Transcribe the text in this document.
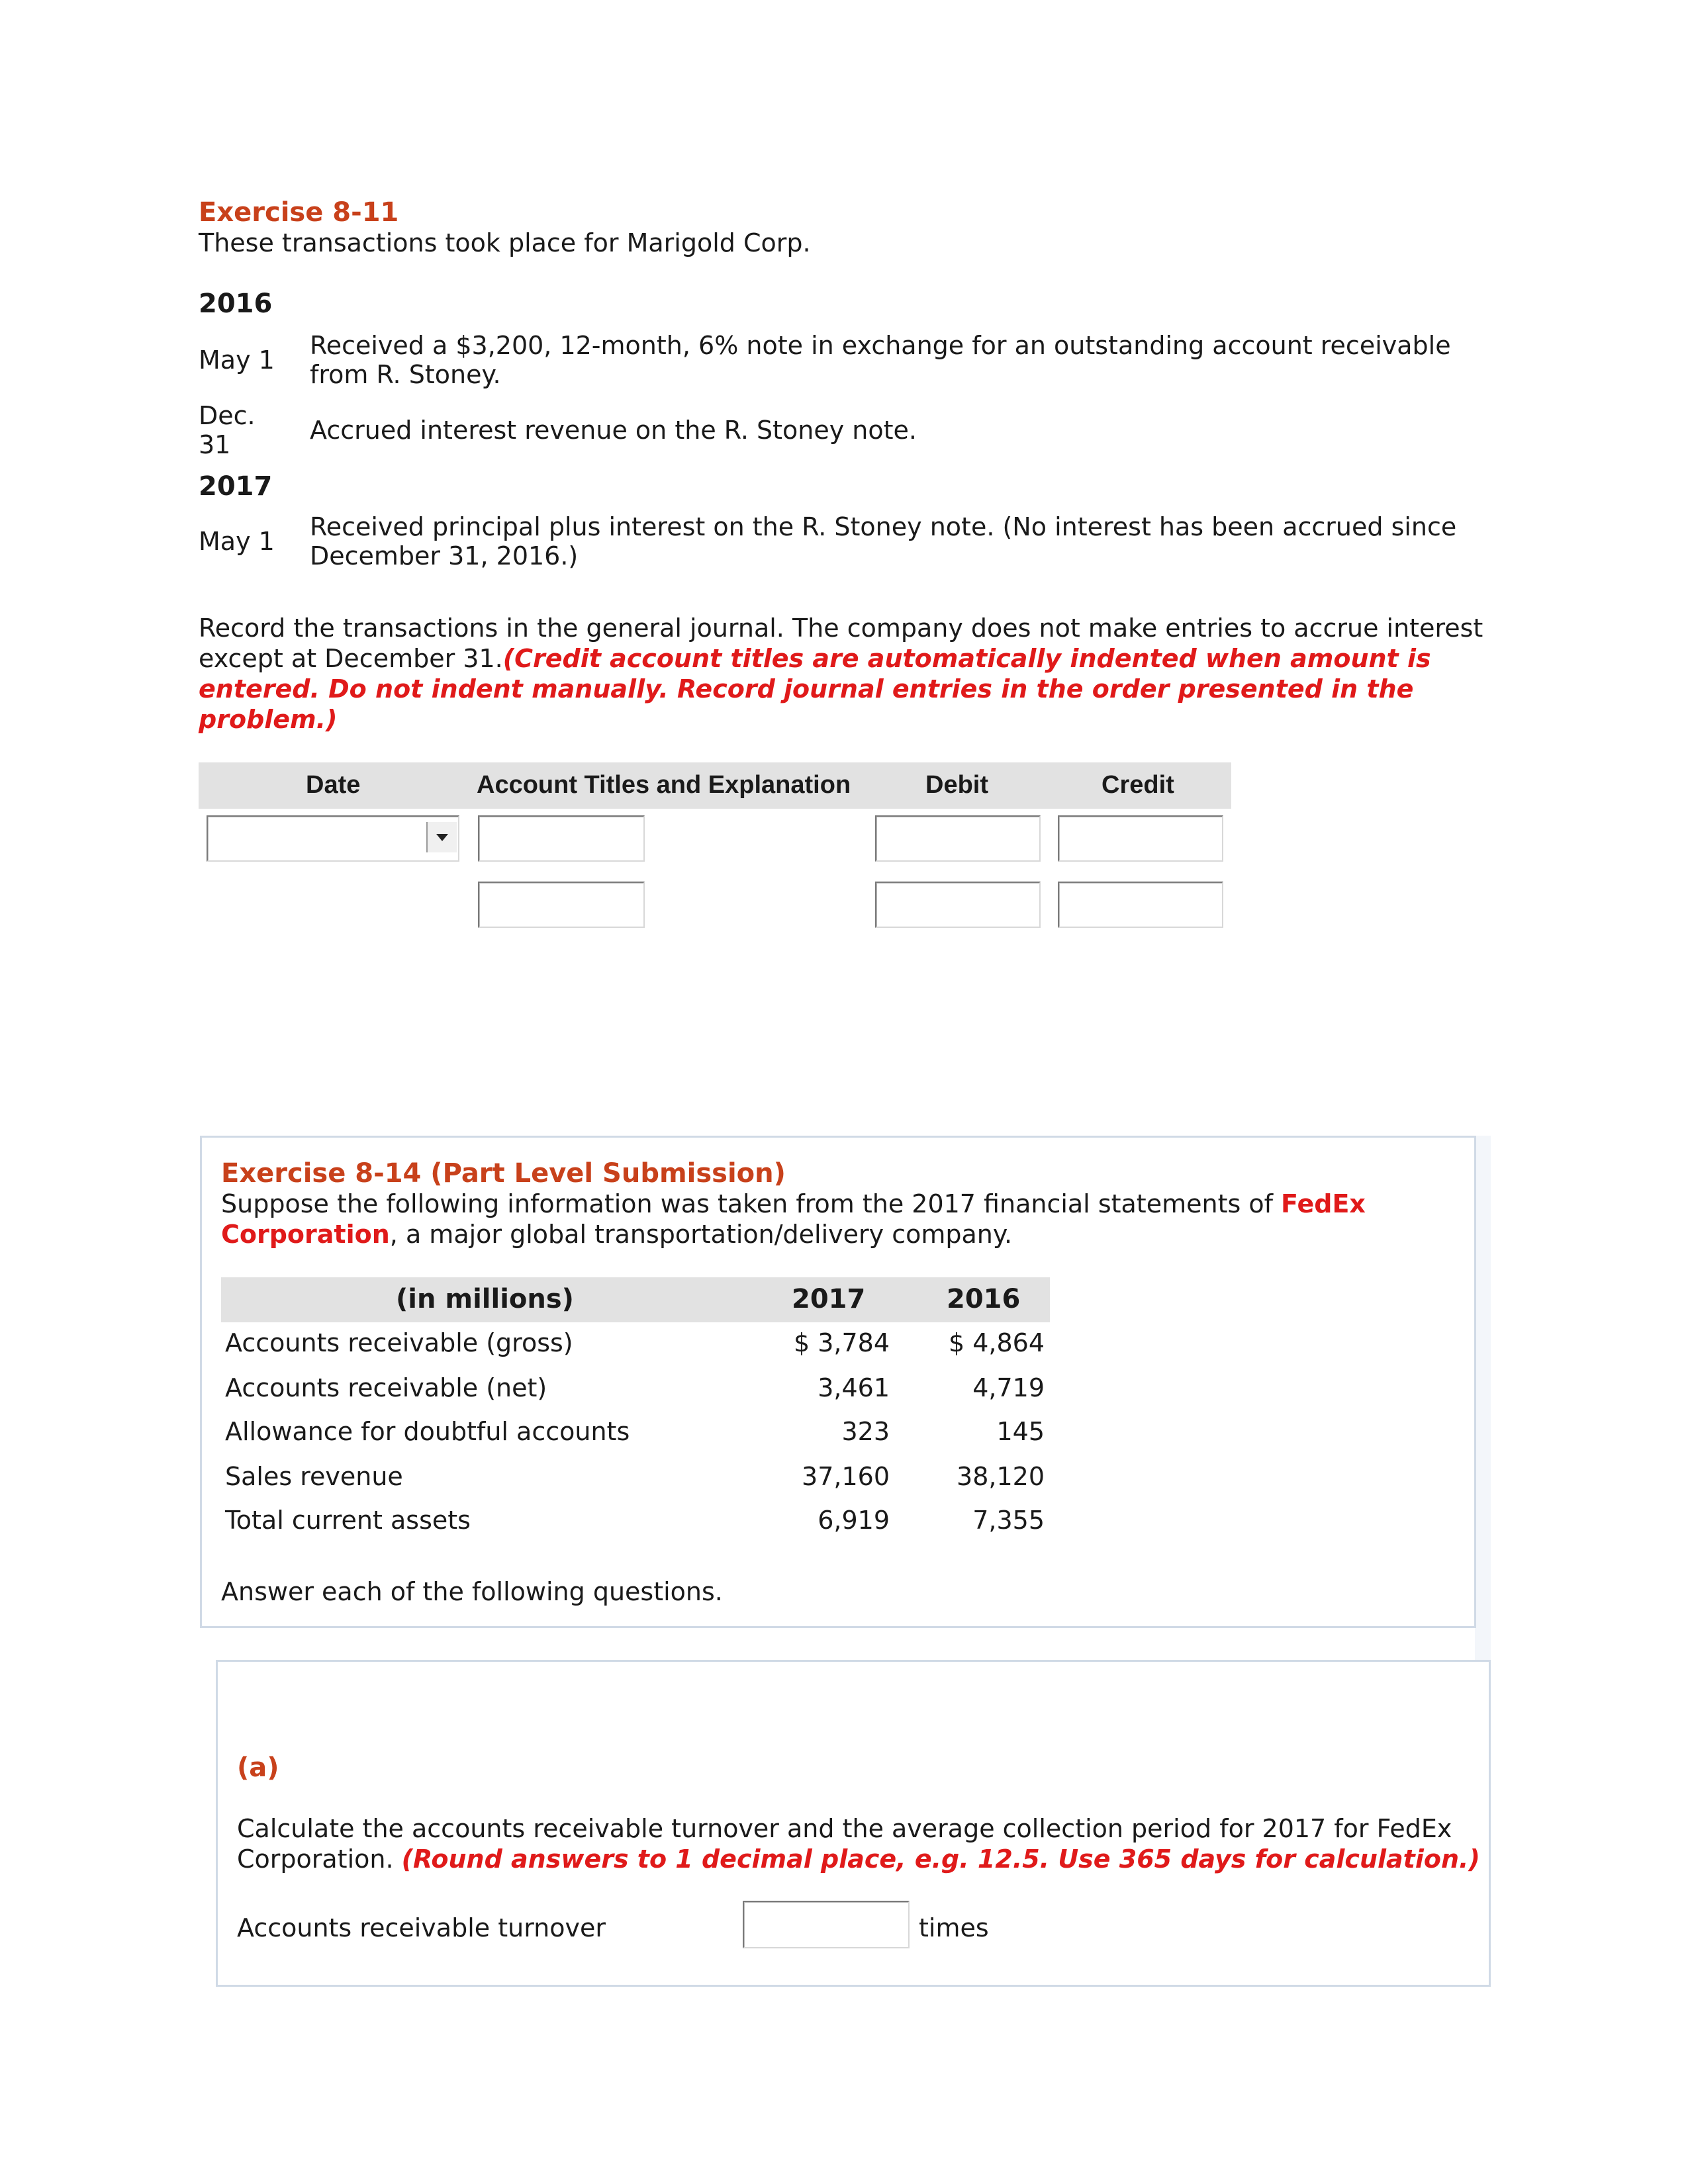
Exercise 8-11
These transactions took place for Marigold Corp.
2016
May 1 Received a $3,200, 12-month, 6% note in exchange for an outstanding account receivable
from R. Stoney.
Dec.
31	Accrued interest revenue on the R. Stoney note.
2017
May 1 Received principal plus interest on the R. Stoney note. (No interest has been accrued since
December 31, 2016.)
Record the transactions in the general journal. The company does not make entries to accrue interest
except at December 31.(Credit account titles are automatically indented when amount is
entered. Do not indent manually. Record journal entries in the order presented in the
problem.)
Date	Account Titles and Explanation	Debit	Credit
Exercise 8-14 (Part Level Submission)
Suppose the following information was taken from the 2017 financial statements of FedEx
Corporation, a major global transportation/delivery company.
(in millions)	2017	2016
Accounts receivable (gross)	$ 3,784 $ 4,864
Accounts receivable (net)	3,461	4,719
Allowance for doubtful accounts	323	145
Sales revenue	37,160	38,120
Total current assets	6,919	7,355
Answer each of the following questions.
(a)
Calculate the accounts receivable turnover and the average collection period for 2017 for FedEx
Corporation. (Round answers to 1 decimal place, e.g. 12.5. Use 365 days for calculation.)
Accounts receivable turnover	times
